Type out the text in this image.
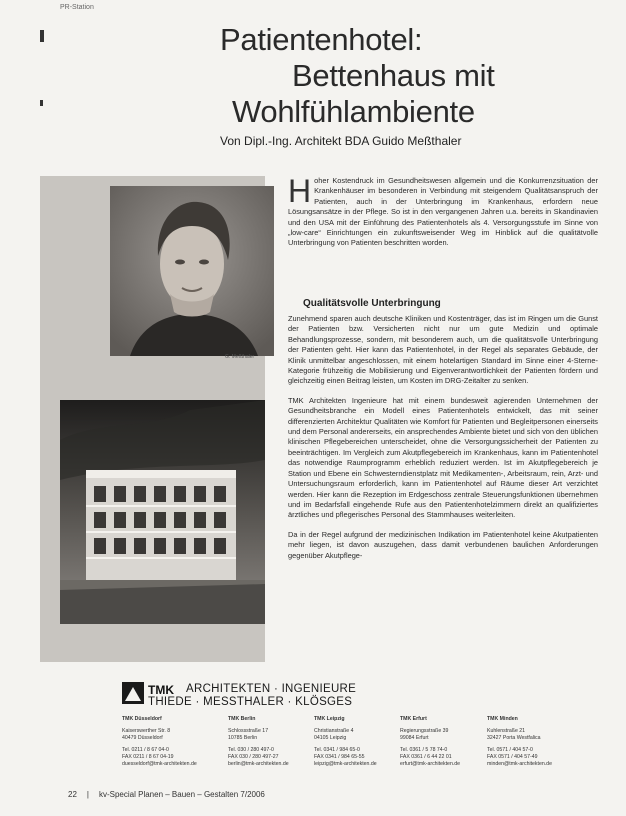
PR-Station
Patientenhotel:
Bettenhaus mit
Wohlfühlambiente
Von Dipl.-Ing. Architekt BDA Guido Meßthaler
G. Meßthaler
Hoher Kostendruck im Gesundheitswesen allgemein und die Konkurrenzsituation der Krankenhäuser im besonderen in Verbindung mit steigendem Qualitätsanspruch der Patienten, auch in der Unterbringung im Krankenhaus, erfordern neue Lösungsansätze in der Pflege. So ist in den vergangenen Jahren u.a. bereits in Skandinavien und den USA mit der Einführung des Patientenhotels als 4. Versorgungsstufe im Sinne von „low-care“ Einrichtungen ein zukunftsweisender Weg im Hinblick auf die qualitätvolle Unterbringung von Patienten beschritten worden.
Qualitätsvolle Unterbringung

Zunehmend sparen auch deutsche Kliniken und Kostenträger, das ist im Ringen um die Gunst der Patienten bzw. Versicherten nicht nur um gute Medizin und optimale Behandlungsprozesse, sondern, mit besonderem auch, um die qualitätsvolle Unterbringung der Patienten geht. Hier kann das Patientenhotel, in der Regel als separates Gebäude, der Klinik unmittelbar angeschlossen, mit einem hotelartigen Standard im Sinne einer 4-Sterne-Kategorie frühzeitig die Mobilisierung und Eigenverantwortlichkeit der Patienten fördern und gleichzeitig einen Beitrag leisten, um Kosten im DRG-Zeitalter zu senken.

TMK Architekten Ingenieure hat mit einem bundesweit agierenden Unternehmen der Gesundheitsbranche ein Modell eines Patientenhotels entwickelt, das mit seiner differenzierten Architektur Qualitäten wie Komfort für Patienten und Begleitpersonen einerseits und dem Personal andererseits, ein ansprechendes Ambiente bietet und sich von den üblichen klinischen Pflegebereichen unterscheidet, ohne die Versorgungssicherheit der Patienten zu beeinträchtigen. Im Vergleich zum Akutpflegebereich im Krankenhaus, kann im Patientenhotel das notwendige Raumprogramm erheblich reduziert werden. Ist im Akutpflegebereich je Station und Ebene ein Schwesterndienstplatz mit Medikamenten-, Arbeitsraum, rein, Arzt- und Untersuchungsraum erforderlich, kann im Patientenhotel auf Räume dieser Art verzichtet werden. Hier kann die Rezeption im Erdgeschoss zentrale Steuerungsfunktionen übernehmen und im Bedarfsfall eingehende Rufe aus den Patientenhotelzimmern direkt an qualifiziertes ärztliches und pflegerisches Personal des Stammhauses weiterleiten.

Da in der Regel aufgrund der medizinischen Indikation im Patientenhotel keine Akutpatienten mehr liegen, ist davon auszugehen, dass damit verbundenen baulichen Anforderungen gegenüber Akutpflege-

TMK ARCHITEKTEN · INGENIEURE
THIEDE · MESSTHALER · KLÖSGES
TMK Düsseldorf
Kaiserswerther Str. 8
40479 Düsseldorf
Tel. 0211 / 8 67 04-0
FAX 0211 / 8 67 04-19
duesseldorf@tmk-architekten.de
TMK Berlin
Schlossstraße 17
10785 Berlin
Tel. 030 / 280 497-0
FAX 030 / 280 497-27
berlin@tmk-architekten.de
TMK Leipzig
Christianstraße 4
04105 Leipzig
Tel. 0341 / 984 65-0
FAX 0341 / 984 65-55
leipzig@tmk-architekten.de
TMK Erfurt
Regierungsstraße 39
99084 Erfurt
Tel. 0361 / 5 78 74-0
FAX 0361 / 6 44 22 01
erfurt@tmk-architekten.de
TMK Minden
Kuhlenstraße 21
32427 Porta Westfalica
Tel. 0571 / 404 57-0
FAX 0571 / 404 57-49
minden@tmk-architekten.de
22 | kv-Special Planen – Bauen – Gestalten 7/2006
